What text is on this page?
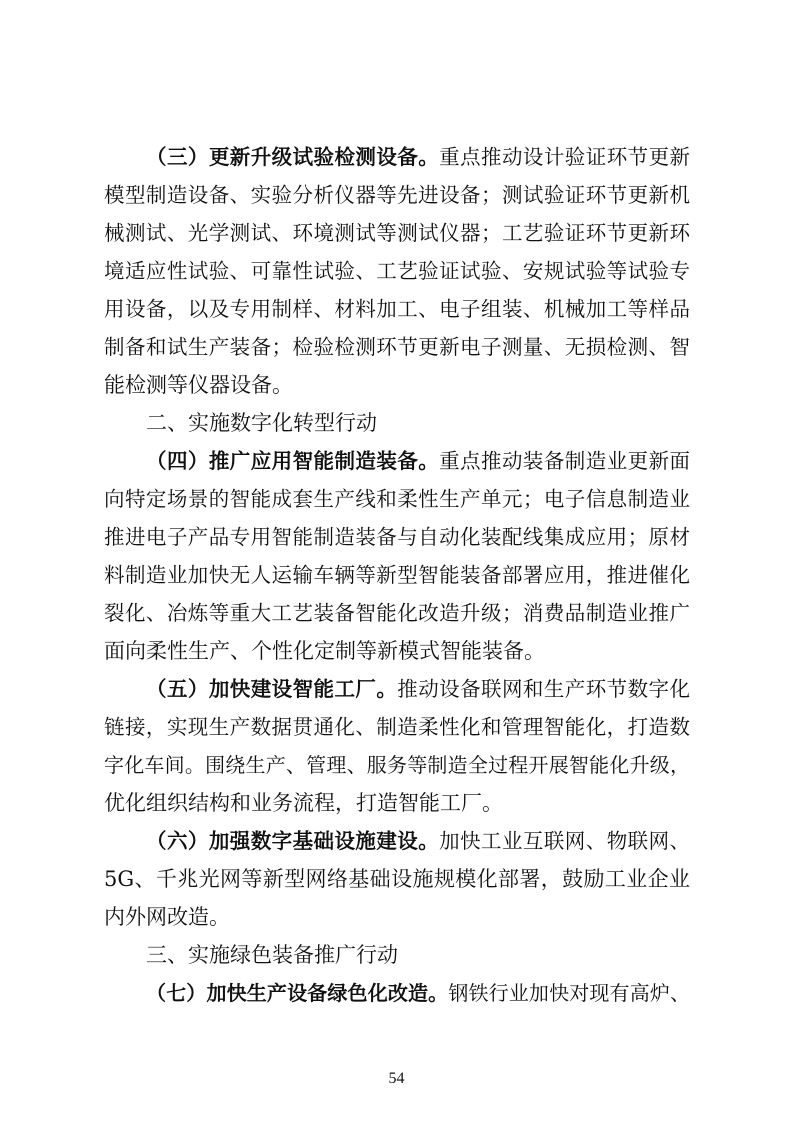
（三）更新升级试验检测设备。重点推动设计验证环节更新

模型制造设备、实验分析仪器等先进设备；测试验证环节更新机

械测试、光学测试、环境测试等测试仪器；工艺验证环节更新环

境适应性试验、可靠性试验、工艺验证试验、安规试验等试验专

用设备，以及专用制样、材料加工、电子组装、机械加工等样品

制备和试生产装备；检验检测环节更新电子测量、无损检测、智

能检测等仪器设备。

二、实施数字化转型行动

（四）推广应用智能制造装备。重点推动装备制造业更新面

向特定场景的智能成套生产线和柔性生产单元；电子信息制造业

推进电子产品专用智能制造装备与自动化装配线集成应用；原材

料制造业加快无人运输车辆等新型智能装备部署应用，推进催化

裂化、冶炼等重大工艺装备智能化改造升级；消费品制造业推广

面向柔性生产、个性化定制等新模式智能装备。

（五）加快建设智能工厂。推动设备联网和生产环节数字化

链接，实现生产数据贯通化、制造柔性化和管理智能化，打造数

字化车间。围绕生产、管理、服务等制造全过程开展智能化升级，

优化组织结构和业务流程，打造智能工厂。

（六）加强数字基础设施建设。加快工业互联网、物联网、

5G、千兆光网等新型网络基础设施规模化部署，鼓励工业企业

内外网改造。

三、实施绿色装备推广行动

（七）加快生产设备绿色化改造。钢铁行业加快对现有高炉、

54
